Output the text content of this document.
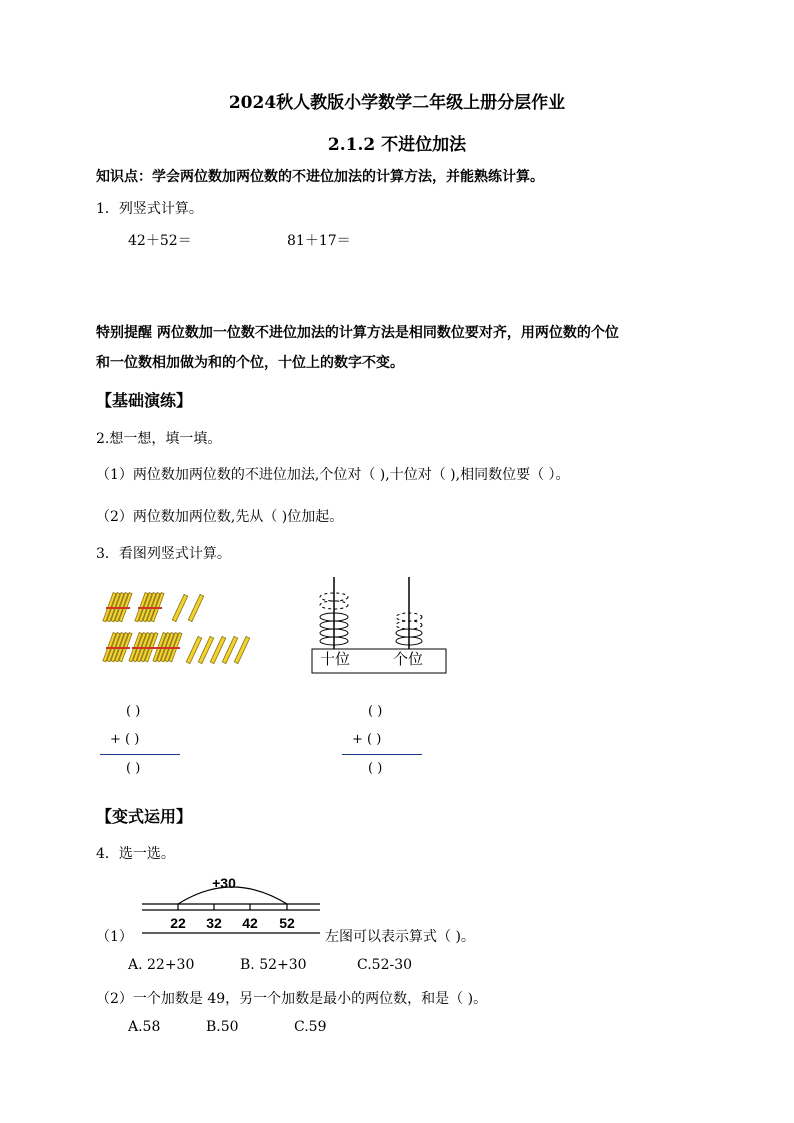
2024秋人教版小学数学二年级上册分层作业
2.1.2 不进位加法
知识点：学会两位数加两位数的不进位加法的计算方法，并能熟练计算。
1．列竖式计算。
42＋52＝	81＋17＝
特别提醒 两位数加一位数不进位加法的计算方法是相同数位要对齐，用两位数的个位
和一位数相加做为和的个位，十位上的数字不变。
【基础演练】
2.想一想，填一填。
（1）两位数加两位数的不进位加法,个位对（ ),十位对（ ),相同数位要（ ）。
（2）两位数加两位数,先从（ )位加起。
3．看图列竖式计算。
十位	个位
( )
+ ( )
( )
( )
+ ( )
( )
【变式运用】
4．选一选。
+30
22 32 42 52
（1）	左图可以表示算式（ )。
A. 22+30	B. 52+30	C.52-30
（2）一个加数是 49，另一个加数是最小的两位数，和是（ )。
A.58	B.50	C.59
